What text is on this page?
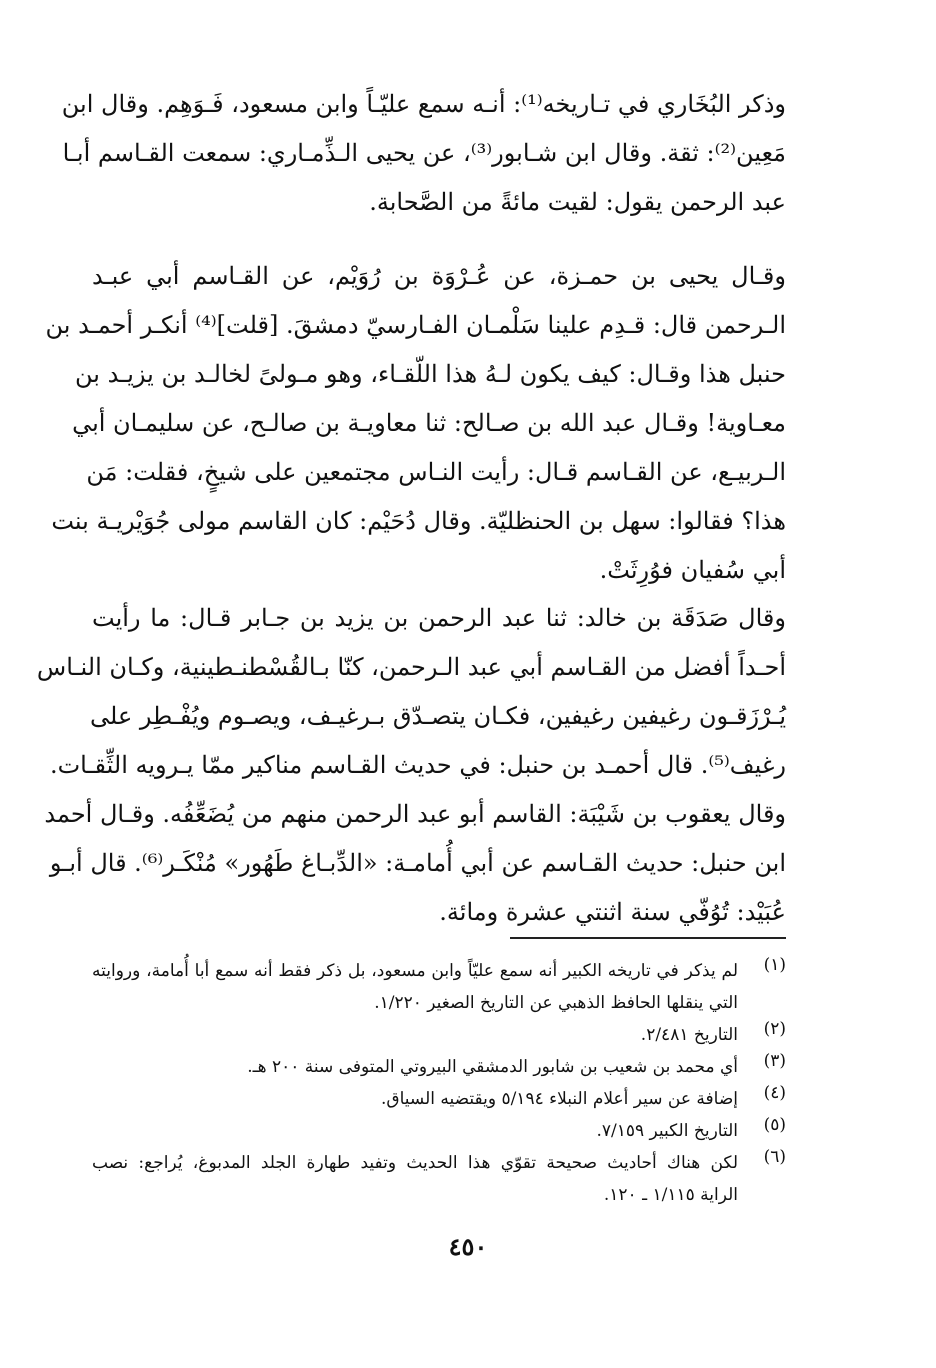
وذكر البُخَاري في تـاريخه⁽¹⁾: أنـه سمع عليّـاً وابن مسعود، فَـوَهِم. وقال ابن
مَعِين⁽²⁾: ثقة. وقال ابن شـابور⁽³⁾، عن يحيى الـذِّمـاري: سمعت القـاسم أبـا
عبد الرحمن يقول: لقيت مائةً من الصَّحابة.
وقـال يحيى بن حمـزة، عن عُـرْوَة بن رُوَيْم، عن القـاسم أبي عبـد
الـرحمن قال: قـدِم علينا سَلْمـان الفـارسيّ دمشقَ. [قلت]⁽⁴⁾ أنكـر أحمـد بن
حنبل هذا وقـال: كيف يكون لـهُ هذا اللّقـاء، وهو مـولىً لخالـد بن يزيـد بن
معـاوية! وقـال عبد الله بن صـالح: ثنا معاويـة بن صالـح، عن سليمـان أبي
الـربيـع، عن القـاسم قـال: رأيت النـاس مجتمعين على شيخٍ، فقلت: مَن
هذا؟ فقالوا: سهل بن الحنظليّة. وقال دُحَيْم: كان القاسم مولى جُوَيْريـة بنت
أبي سُفيان فوُرِثَتْ.
وقال صَدَقَة بن خالد: ثنا عبد الرحمن بن يزيد بن جـابر قـال: ما رأيت
أحـداً أفضل من القـاسم أبي عبد الـرحمن، كنّا بـالقُسْطنـطينية، وكـان النـاس
يُـرْزَقـون رغيفين رغيفين، فكـان يتصـدّق بـرغيـف، ويصـوم ويُفْـطِر على
رغيف⁽⁵⁾. قال أحمـد بن حنبل: في حديث القـاسم مناكير ممّا يـرويه الثِّقـات.
وقال يعقوب بن شَيْبَة: القاسم أبو عبد الرحمن منهم من يُضَعِّفُه. وقـال أحمد
ابن حنبل: حديث القـاسم عن أبي أُمامـة: «الدِّبـاغ طَهُور» مُنْكَـر⁽⁶⁾. قال أبـو
عُبَيْد: تُوُفّي سنة اثنتي عشرة ومائة.
(١)
لم يذكر في تاريخه الكبير أنه سمع عليّاً وابن مسعود، بل ذكر فقط أنه سمع أبا أُمامة، وروايته
التي ينقلها الحافظ الذهبي عن التاريخ الصغير ١/٢٢٠.
(٢)
التاريخ ٢/٤٨١.
(٣)
أي محمد بن شعيب بن شابور الدمشقي البيروتي المتوفى سنة ٢٠٠ هـ.
(٤)
إضافة عن سير أعلام النبلاء ٥/١٩٤ ويقتضيه السياق.
(٥)
التاريخ الكبير ٧/١٥٩.
(٦)
لكن هناك أحاديث صحيحة تقوّي هذا الحديث وتفيد طهارة الجلد المدبوغ، يُراجع: نصب
الراية ١/١١٥ ـ ١٢٠.
٤٥٠
